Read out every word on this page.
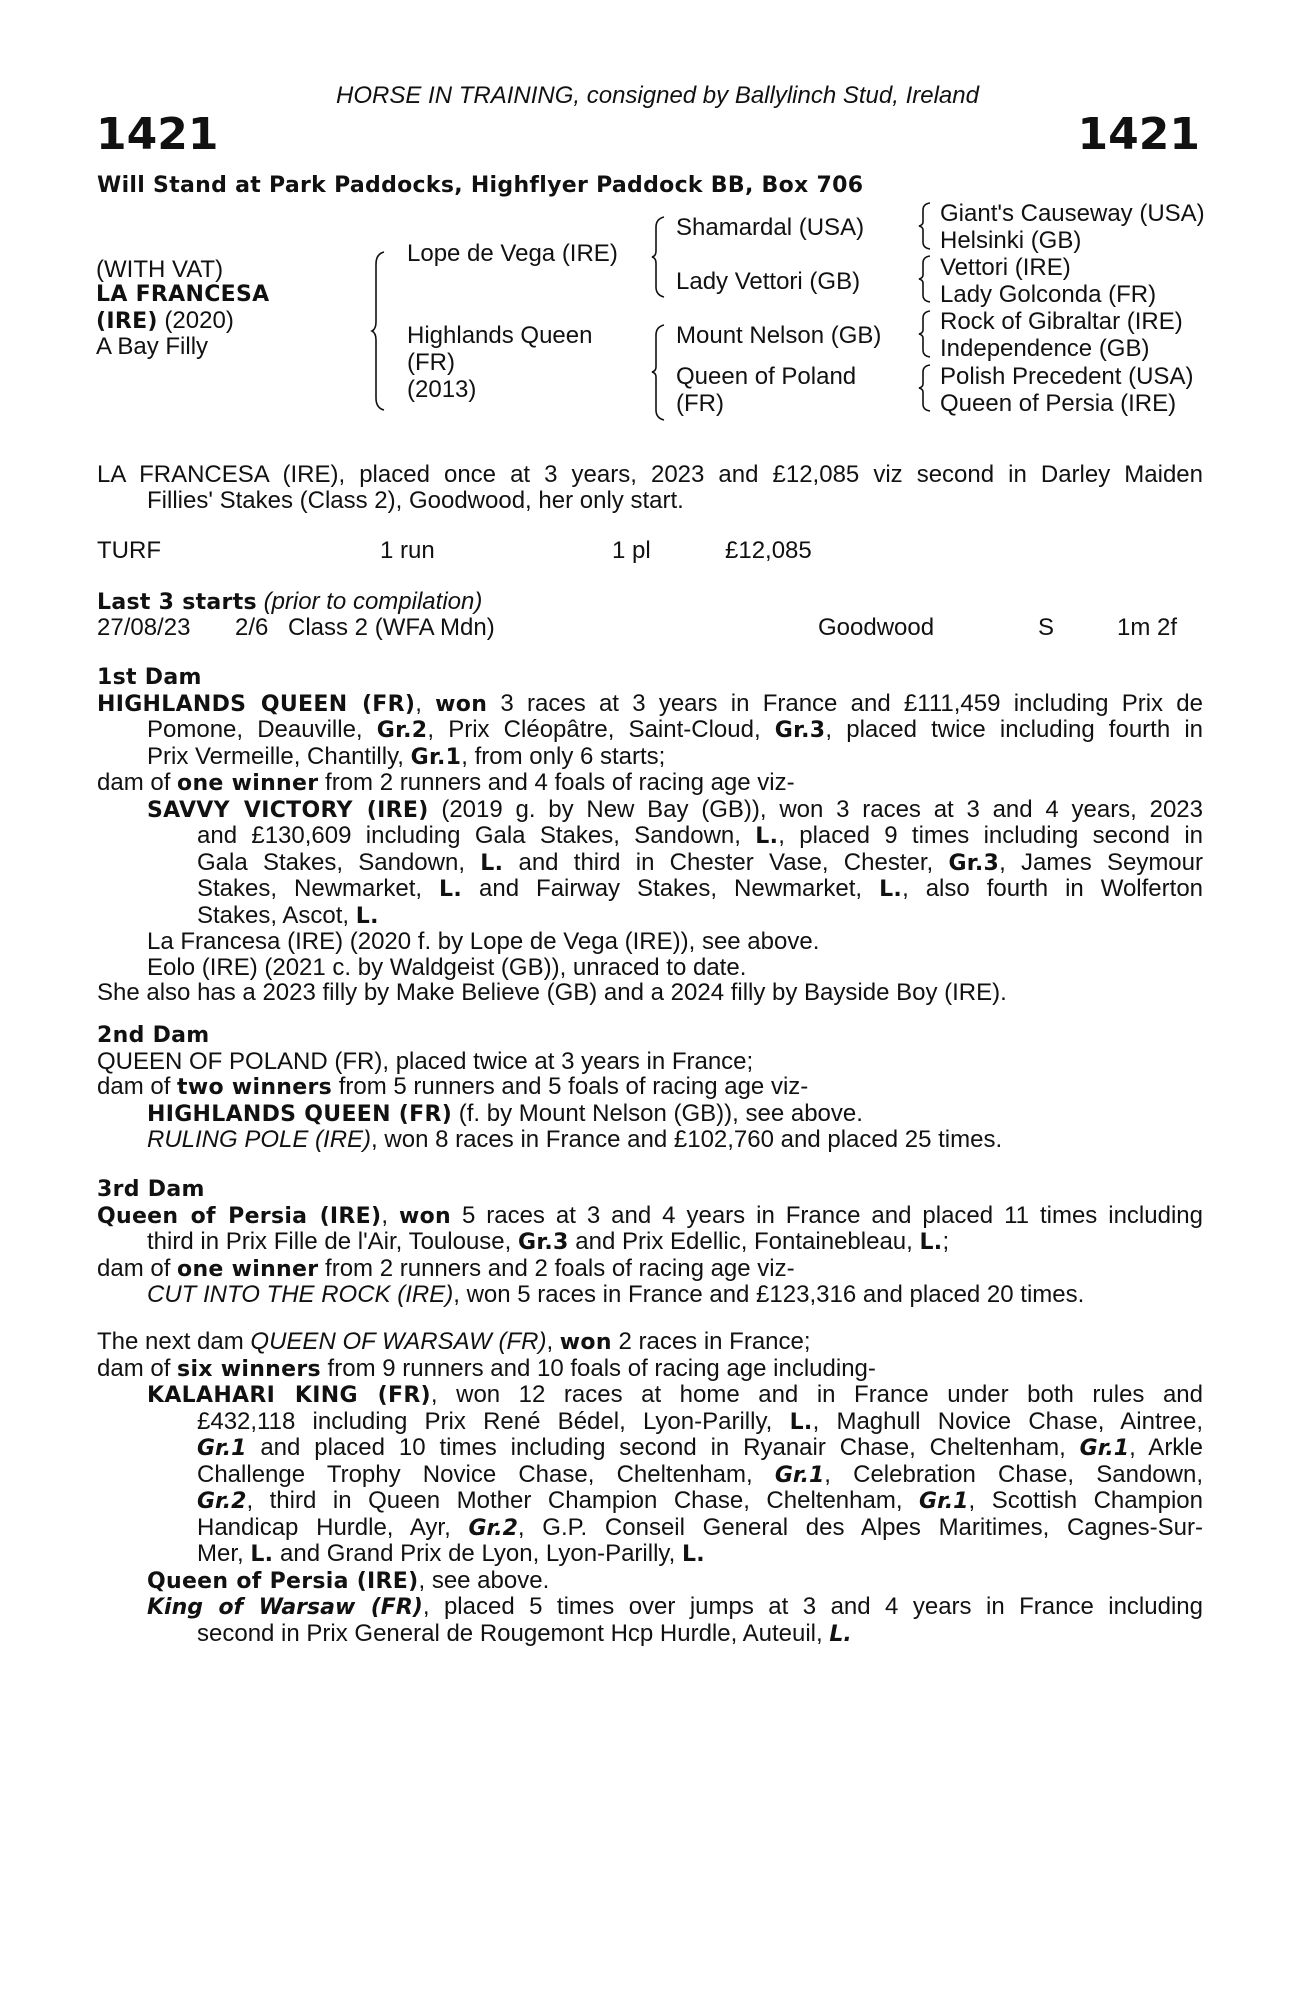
HORSE IN TRAINING, consigned by Ballylinch Stud, Ireland
1421	1421
Will Stand at Park Paddocks, Highflyer Paddock BB, Box 706
(WITH VAT)
LA FRANCESA
(IRE) (2020)
A Bay Filly
Lope de Vega (IRE)
Highlands Queen
(FR)
(2013)
Shamardal (USA)
Lady Vettori (GB)
Mount Nelson (GB)
Queen of Poland
(FR)
Giant's Causeway (USA)
Helsinki (GB)
Vettori (IRE)
Lady Golconda (FR)
Rock of Gibraltar (IRE)
Independence (GB)
Polish Precedent (USA)
Queen of Persia (IRE)
LA FRANCESA (IRE), placed once at 3 years, 2023 and £12,085 viz second in Darley Maiden
Fillies' Stakes (Class 2), Goodwood, her only start.
TURF	1 run	1 pl	£12,085
Last 3 starts (prior to compilation)
27/08/23 2/6 Class 2 (WFA Mdn)	Goodwood	S	1m 2f
1st Dam
HIGHLANDS QUEEN (FR), won 3 races at 3 years in France and £111,459 including Prix de
Pomone, Deauville, Gr.2, Prix Cléopâtre, Saint-Cloud, Gr.3, placed twice including fourth in
Prix Vermeille, Chantilly, Gr.1, from only 6 starts;
dam of one winner from 2 runners and 4 foals of racing age viz-
SAVVY VICTORY (IRE) (2019 g. by New Bay (GB)), won 3 races at 3 and 4 years, 2023
and £130,609 including Gala Stakes, Sandown, L., placed 9 times including second in
Gala Stakes, Sandown, L. and third in Chester Vase, Chester, Gr.3, James Seymour
Stakes, Newmarket, L. and Fairway Stakes, Newmarket, L., also fourth in Wolferton
Stakes, Ascot, L.
La Francesa (IRE) (2020 f. by Lope de Vega (IRE)), see above.
Eolo (IRE) (2021 c. by Waldgeist (GB)), unraced to date.
She also has a 2023 filly by Make Believe (GB) and a 2024 filly by Bayside Boy (IRE).
2nd Dam
QUEEN OF POLAND (FR), placed twice at 3 years in France;
dam of two winners from 5 runners and 5 foals of racing age viz-
HIGHLANDS QUEEN (FR) (f. by Mount Nelson (GB)), see above.
RULING POLE (IRE), won 8 races in France and £102,760 and placed 25 times.
3rd Dam
Queen of Persia (IRE), won 5 races at 3 and 4 years in France and placed 11 times including
third in Prix Fille de l'Air, Toulouse, Gr.3 and Prix Edellic, Fontainebleau, L.;
dam of one winner from 2 runners and 2 foals of racing age viz-
CUT INTO THE ROCK (IRE), won 5 races in France and £123,316 and placed 20 times.
The next dam QUEEN OF WARSAW (FR), won 2 races in France;
dam of six winners from 9 runners and 10 foals of racing age including-
KALAHARI KING (FR), won 12 races at home and in France under both rules and
£432,118 including Prix René Bédel, Lyon-Parilly, L., Maghull Novice Chase, Aintree,
Gr.1 and placed 10 times including second in Ryanair Chase, Cheltenham, Gr.1, Arkle
Challenge Trophy Novice Chase, Cheltenham, Gr.1, Celebration Chase, Sandown,
Gr.2, third in Queen Mother Champion Chase, Cheltenham, Gr.1, Scottish Champion
Handicap Hurdle, Ayr, Gr.2, G.P. Conseil General des Alpes Maritimes, Cagnes-Sur-
Mer, L. and Grand Prix de Lyon, Lyon-Parilly, L.
Queen of Persia (IRE), see above.
King of Warsaw (FR), placed 5 times over jumps at 3 and 4 years in France including
second in Prix General de Rougemont Hcp Hurdle, Auteuil, L.
